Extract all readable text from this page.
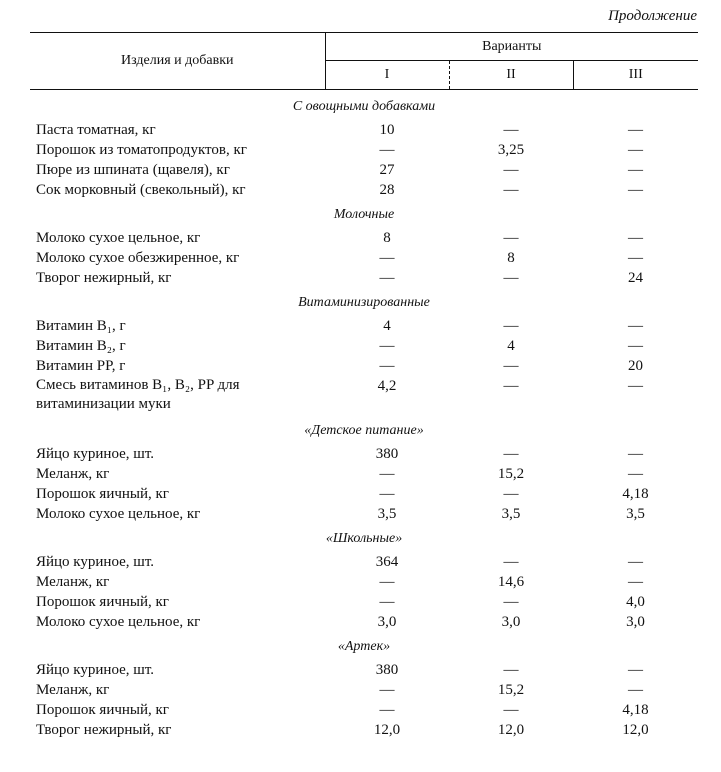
Продолжение
Изделия и добавки	Варианты		
	I	II	III
С овощными добавками			
Паста томатная, кг	10	—	—
Порошок из томатопродуктов, кг	—	3,25	—
Пюре из шпината (щавеля), кг	27	—	—
Сок морковный (свекольный), кг	28	—	—
Молочные			
Молоко сухое цельное, кг	8	—	—
Молоко сухое обезжиренное, кг	—	8	—
Творог нежирный, кг	—	—	24
Витаминизированные			
Витамин B₁, г	4	—	—
Витамин B₂, г	—	4	—
Витамин PP, г	—	—	20
Смесь витаминов B₁, B₂, PP для витаминизации муки	4,2	—	—
«Детское питание»			
Яйцо куриное, шт.	380	—	—
Меланж, кг	—	15,2	—
Порошок яичный, кг	—	—	4,18
Молоко сухое цельное, кг	3,5	3,5	3,5
«Школьные»			
Яйцо куриное, шт.	364	—	—
Меланж, кг	—	14,6	—
Порошок яичный, кг	—	—	4,0
Молоко сухое цельное, кг	3,0	3,0	3,0
«Артек»			
Яйцо куриное, шт.	380	—	—
Меланж, кг	—	15,2	—
Порошок яичный, кг	—	—	4,18
Творог нежирный, кг	12,0	12,0	12,0
